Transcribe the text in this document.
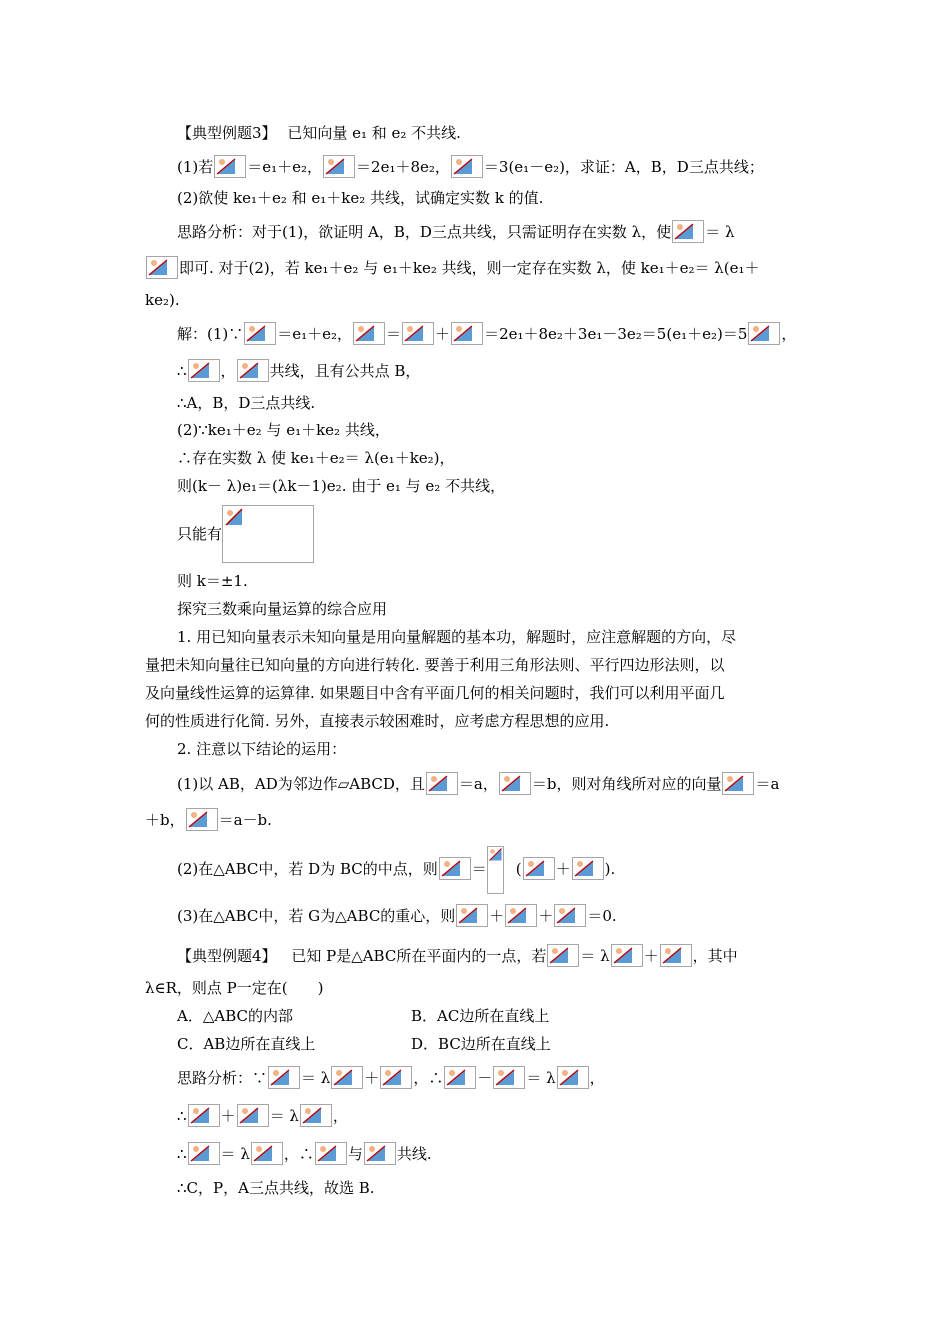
【典型例题3】 已知向量 e₁ 和 e₂ 不共线.
(1)若 ＝e₁＋e₂， ＝2e₁＋8e₂， ＝3(e₁－e₂)，求证：A，B，D三点共线；
(2)欲使 ke₁＋e₂ 和 e₁＋ke₂ 共线，试确定实数 k 的值.
思路分析：对于(1)，欲证明 A，B，D三点共线，只需证明存在实数 λ，使 ＝ λ
即可. 对于(2)，若 ke₁＋e₂ 与 e₁＋ke₂ 共线，则一定存在实数 λ，使 ke₁＋e₂＝ λ(e₁＋
ke₂).
解：(1)∵ ＝e₁＋e₂， ＝ ＋ ＝2e₁＋8e₂＋3e₁－3e₂＝5(e₁＋e₂)＝5 ，
∴ ， 共线，且有公共点 B，
∴A，B，D三点共线.
(2)∵ke₁＋e₂ 与 e₁＋ke₂ 共线，
∴存在实数 λ 使 ke₁＋e₂＝ λ(e₁＋ke₂)，
则(k－ λ)e₁＝(λk－1)e₂. 由于 e₁ 与 e₂ 不共线，
只能有
则 k＝±1.
探究三数乘向量运算的综合应用
1. 用已知向量表示未知向量是用向量解题的基本功，解题时，应注意解题的方向，尽
量把未知向量往已知向量的方向进行转化. 要善于利用三角形法则、平行四边形法则，以
及向量线性运算的运算律. 如果题目中含有平面几何的相关问题时，我们可以利用平面几
何的性质进行化简. 另外，直接表示较困难时，应考虑方程思想的应用.
2. 注意以下结论的运用：
(1)以 AB，AD为邻边作▱ABCD，且 ＝a， ＝b，则对角线所对应的向量 ＝a
＋b， ＝a－b.
(2)在△ABC中，若 D为 BC的中点，则 ＝ ( ＋ ).
(3)在△ABC中，若 G为△ABC的重心，则 ＋ ＋ ＝0.
【典型例题4】 已知 P是△ABC所在平面内的一点，若 ＝ λ ＋ ，其中
λ∈R，则点 P一定在(　　)
A．△ABC的内部	B．AC边所在直线上
C．AB边所在直线上	D．BC边所在直线上
思路分析：∵ ＝ λ ＋ ，∴ － ＝ λ ，
∴ ＋ ＝ λ ，
∴ ＝ λ ，∴ 与 共线.
∴C，P，A三点共线，故选 B.
